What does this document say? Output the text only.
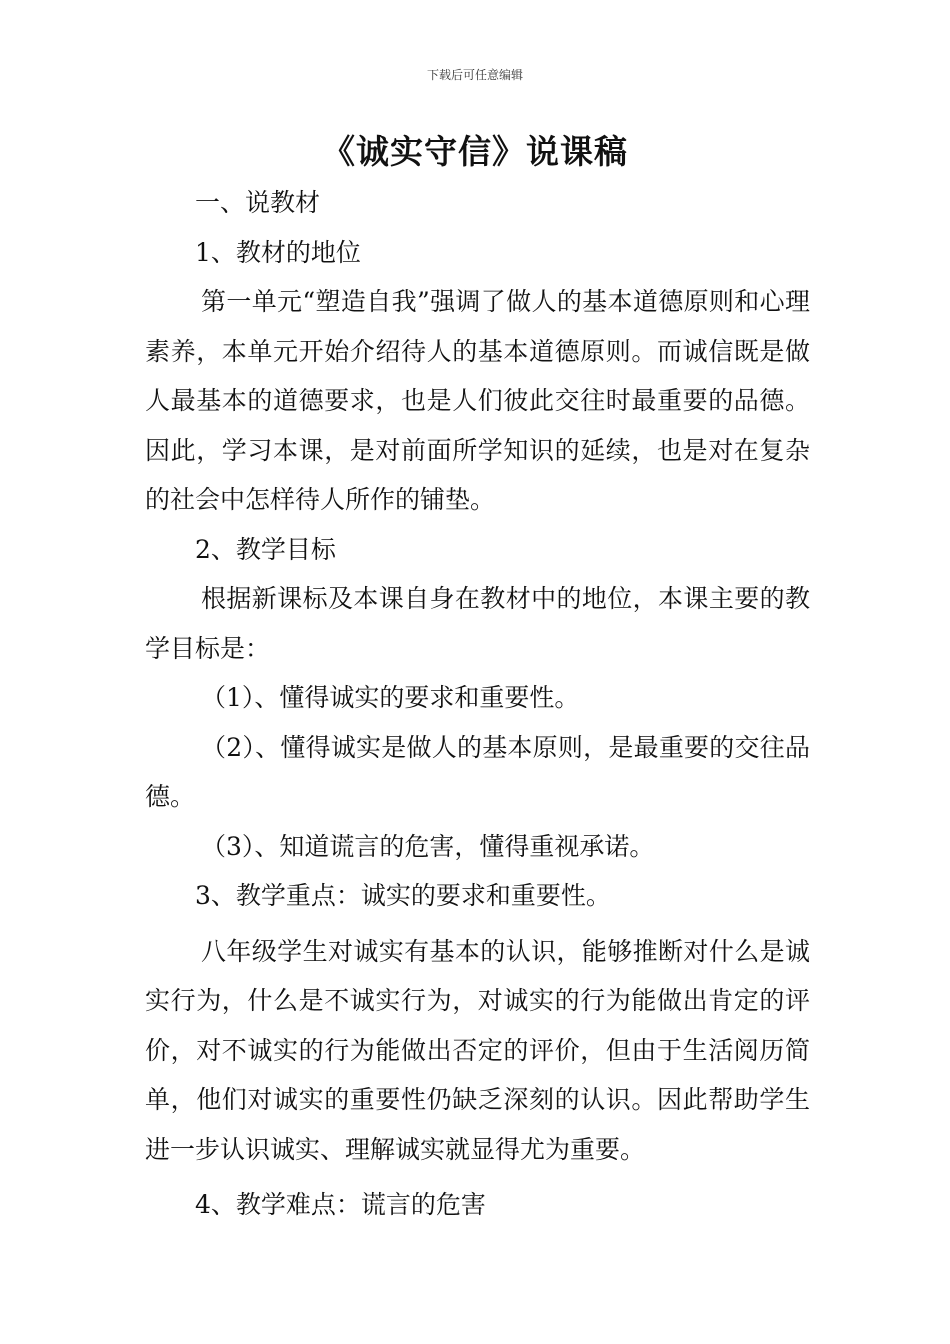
下载后可任意编辑
《诚实守信》说课稿

一、说教材

1、教材的地位

第一单元“塑造自我”强调了做人的基本道德原则和心理素养，本单元开始介绍待人的基本道德原则。而诚信既是做人最基本的道德要求，也是人们彼此交往时最重要的品德。因此，学习本课，是对前面所学知识的延续，也是对在复杂的社会中怎样待人所作的铺垫。

2、教学目标

根据新课标及本课自身在教材中的地位，本课主要的教学目标是：

（1）、懂得诚实的要求和重要性。

（2）、懂得诚实是做人的基本原则，是最重要的交往品德。

（3）、知道谎言的危害，懂得重视承诺。

3、教学重点：诚实的要求和重要性。

八年级学生对诚实有基本的认识，能够推断对什么是诚实行为，什么是不诚实行为，对诚实的行为能做出肯定的评价，对不诚实的行为能做出否定的评价，但由于生活阅历简单，他们对诚实的重要性仍缺乏深刻的认识。因此帮助学生进一步认识诚实、理解诚实就显得尤为重要。

4、教学难点：谎言的危害
